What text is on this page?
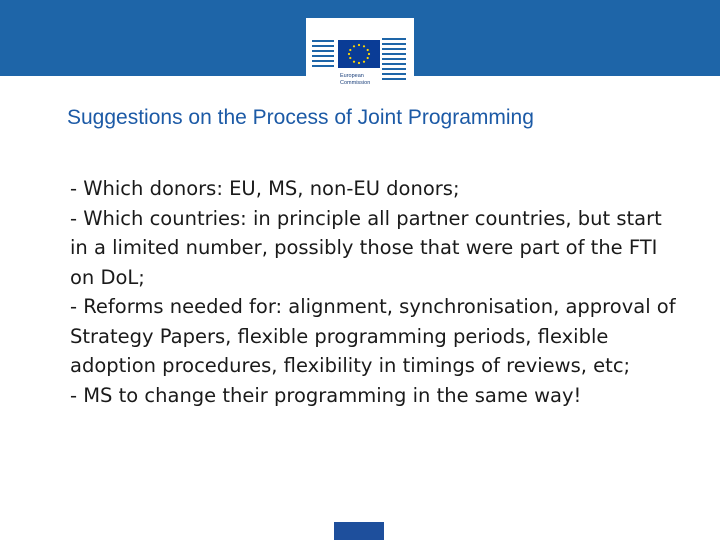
European
Commission
Suggestions on the Process of Joint Programming
- Which donors: EU, MS, non-EU donors;
- Which countries: in principle all partner countries, but start in a limited number, possibly those that were part of the FTI on DoL;
- Reforms needed for: alignment, synchronisation, approval of Strategy Papers, flexible programming periods, flexible adoption procedures, flexibility in timings of reviews, etc;
- MS to change their programming in the same way!
